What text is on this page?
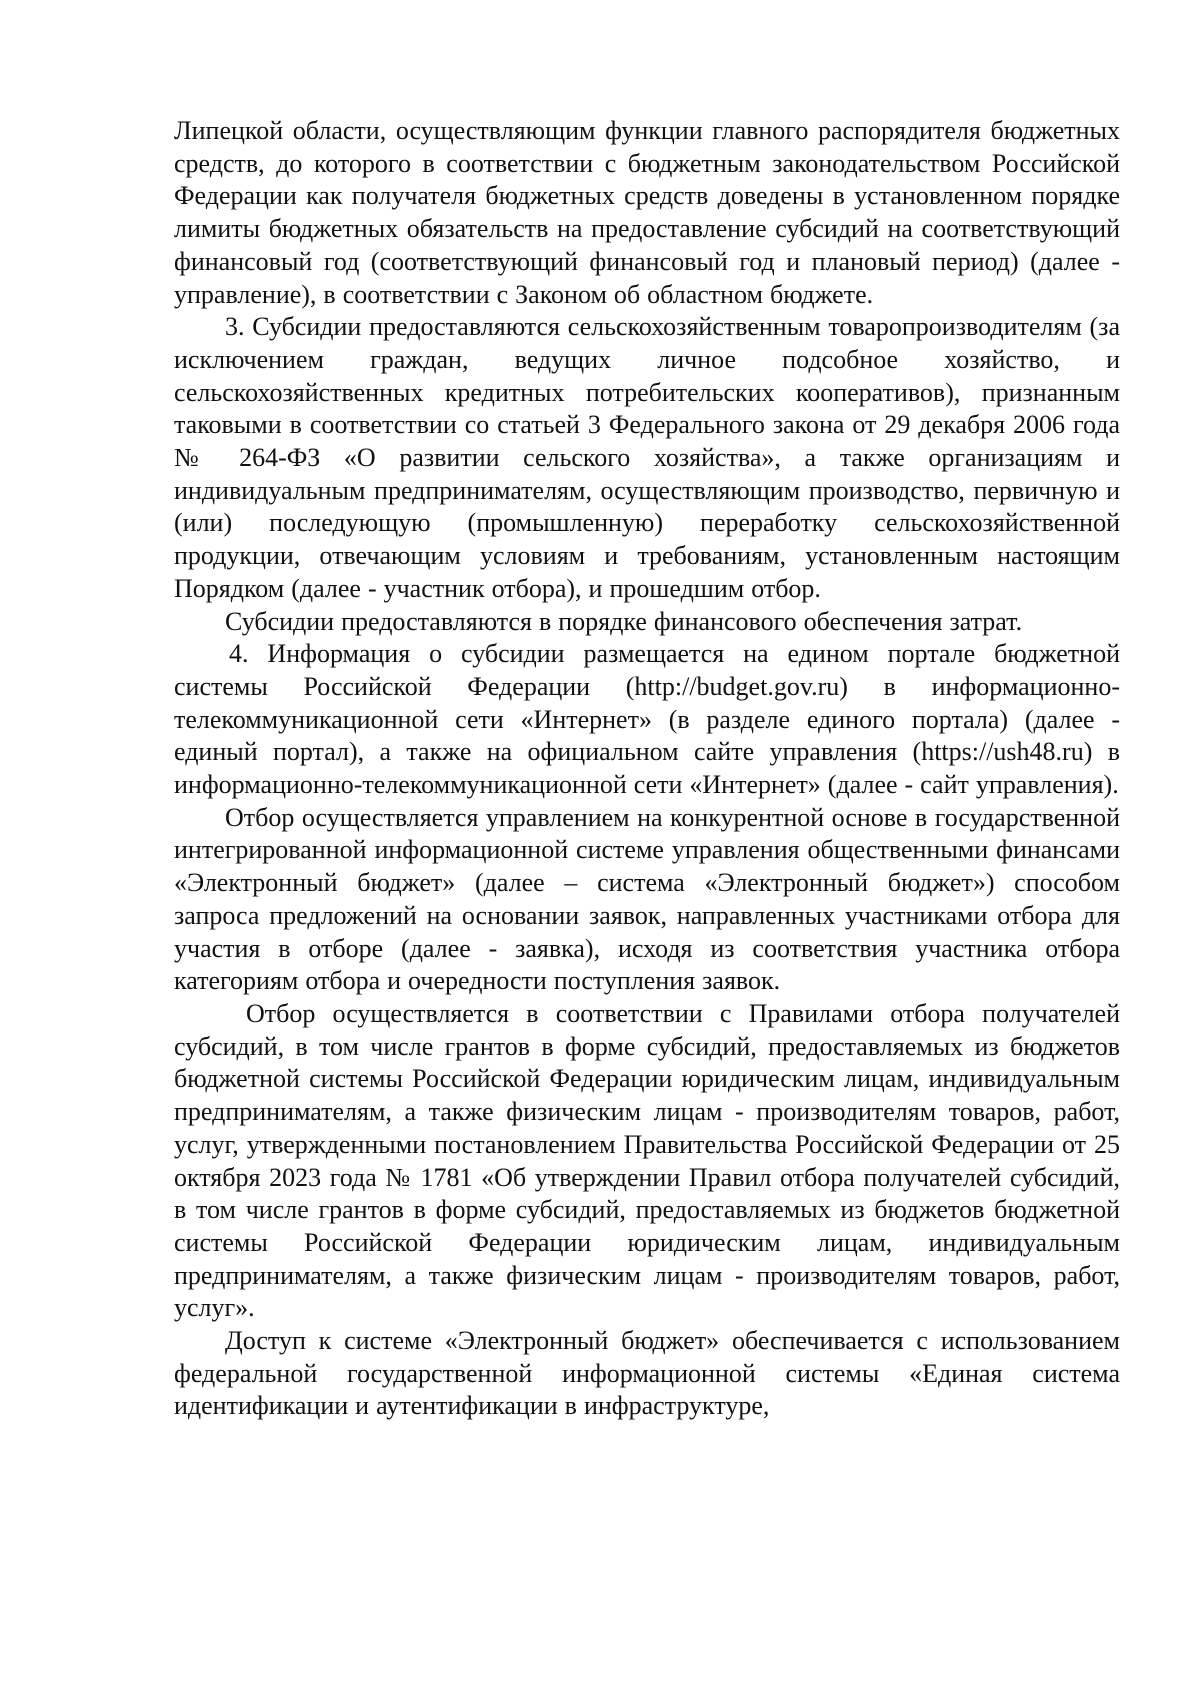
Липецкой области, осуществляющим функции главного распорядителя бюджетных средств, до которого в соответствии с бюджетным законодательством Российской Федерации как получателя бюджетных средств доведены в установленном порядке лимиты бюджетных обязательств на предоставление субсидий на соответствующий финансовый год (соответствующий финансовый год и плановый период) (далее - управление), в соответствии с Законом об областном бюджете.

3. Субсидии предоставляются сельскохозяйственным товаропроизводителям (за исключением граждан, ведущих личное подсобное хозяйство, и сельскохозяйственных кредитных потребительских кооперативов), признанным таковыми в соответствии со статьей 3 Федерального закона от 29 декабря 2006 года № 264-ФЗ «О развитии сельского хозяйства», а также организациям и индивидуальным предпринимателям, осуществляющим производство, первичную и (или) последующую (промышленную) переработку сельскохозяйственной продукции, отвечающим условиям и требованиям, установленным настоящим Порядком (далее - участник отбора), и прошедшим отбор.

Субсидии предоставляются в порядке финансового обеспечения затрат.

4. Информация о субсидии размещается на едином портале бюджетной системы Российской Федерации (http://budget.gov.ru) в информационно-телекоммуникационной сети «Интернет» (в разделе единого портала) (далее - единый портал), а также на официальном сайте управления (https://ush48.ru) в информационно-телекоммуникационной сети «Интернет» (далее - сайт управления).

Отбор осуществляется управлением на конкурентной основе в государственной интегрированной информационной системе управления общественными финансами «Электронный бюджет» (далее – система «Электронный бюджет») способом запроса предложений на основании заявок, направленных участниками отбора для участия в отборе (далее - заявка), исходя из соответствия участника отбора категориям отбора и очередности поступления заявок.

Отбор осуществляется в соответствии с Правилами отбора получателей субсидий, в том числе грантов в форме субсидий, предоставляемых из бюджетов бюджетной системы Российской Федерации юридическим лицам, индивидуальным предпринимателям, а также физическим лицам - производителям товаров, работ, услуг, утвержденными постановлением Правительства Российской Федерации от 25 октября 2023 года № 1781 «Об утверждении Правил отбора получателей субсидий, в том числе грантов в форме субсидий, предоставляемых из бюджетов бюджетной системы Российской Федерации юридическим лицам, индивидуальным предпринимателям, а также физическим лицам - производителям товаров, работ, услуг».

Доступ к системе «Электронный бюджет» обеспечивается с использованием федеральной государственной информационной системы «Единая система идентификации и аутентификации в инфраструктуре,
